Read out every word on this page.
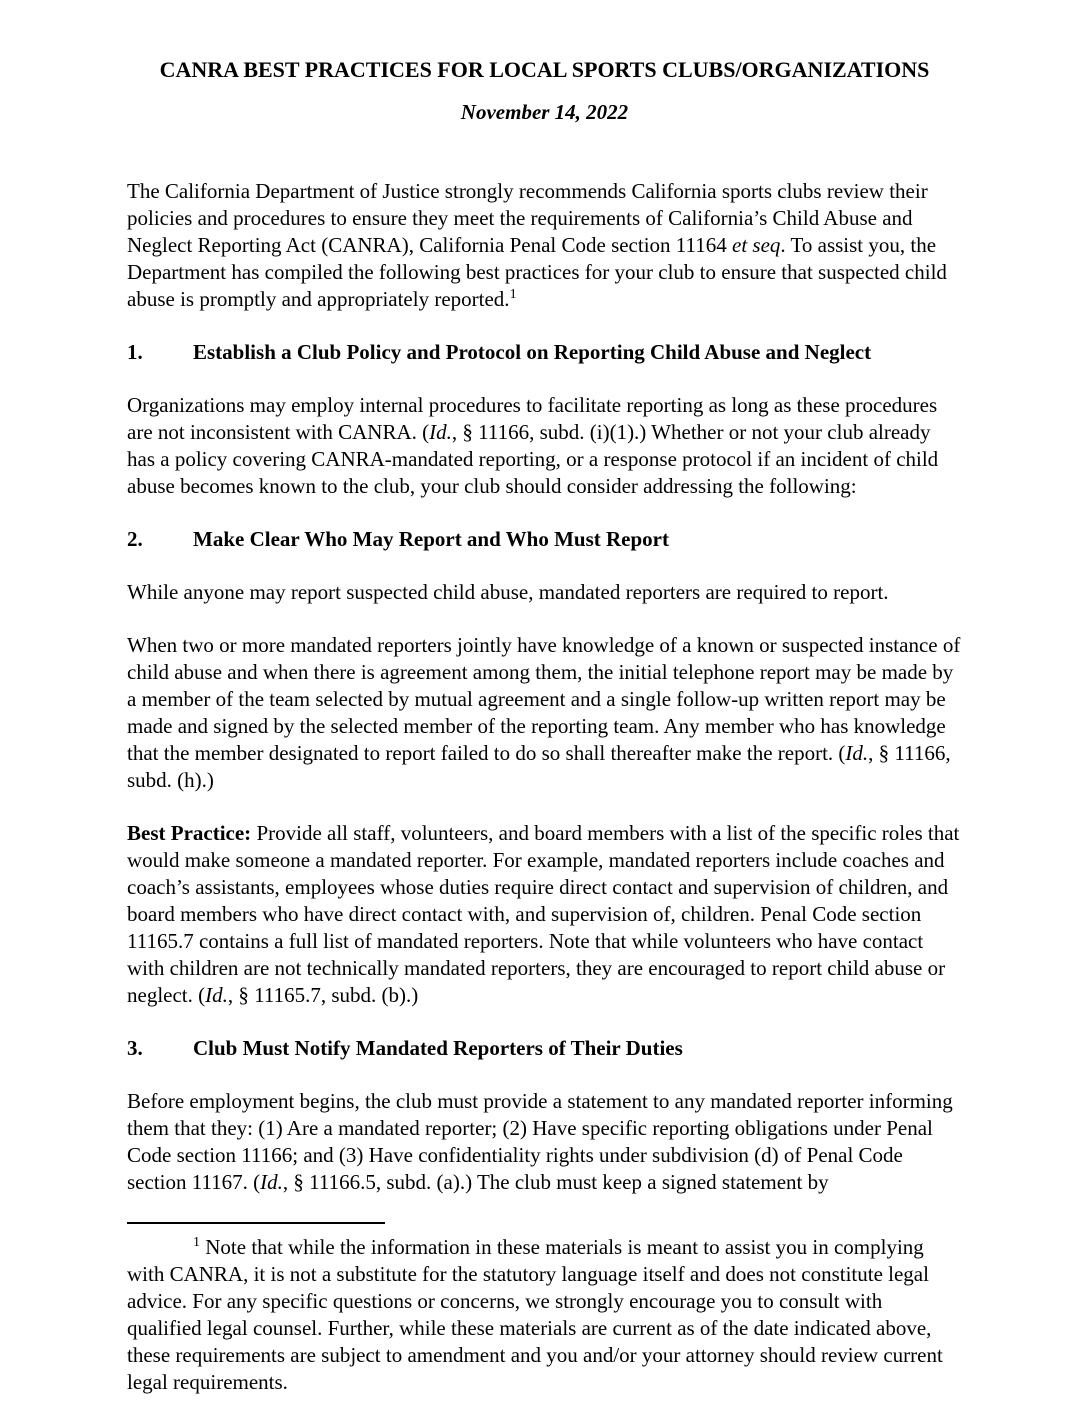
CANRA BEST PRACTICES FOR LOCAL SPORTS CLUBS/ORGANIZATIONS
November 14, 2022

The California Department of Justice strongly recommends California sports clubs review their policies and procedures to ensure they meet the requirements of California’s Child Abuse and Neglect Reporting Act (CANRA), California Penal Code section 11164 et seq. To assist you, the Department has compiled the following best practices for your club to ensure that suspected child abuse is promptly and appropriately reported.$^1$

1.	Establish a Club Policy and Protocol on Reporting Child Abuse and Neglect

Organizations may employ internal procedures to facilitate reporting as long as these procedures are not inconsistent with CANRA. (Id., § 11166, subd. (i)(1).) Whether or not your club already has a policy covering CANRA-mandated reporting, or a response protocol if an incident of child abuse becomes known to the club, your club should consider addressing the following:

2.	Make Clear Who May Report and Who Must Report

While anyone may report suspected child abuse, mandated reporters are required to report.

When two or more mandated reporters jointly have knowledge of a known or suspected instance of child abuse and when there is agreement among them, the initial telephone report may be made by a member of the team selected by mutual agreement and a single follow-up written report may be made and signed by the selected member of the reporting team. Any member who has knowledge that the member designated to report failed to do so shall thereafter make the report. (Id., § 11166, subd. (h).)

Best Practice: Provide all staff, volunteers, and board members with a list of the specific roles that would make someone a mandated reporter. For example, mandated reporters include coaches and coach’s assistants, employees whose duties require direct contact and supervision of children, and board members who have direct contact with, and supervision of, children. Penal Code section 11165.7 contains a full list of mandated reporters. Note that while volunteers who have contact with children are not technically mandated reporters, they are encouraged to report child abuse or neglect. (Id., § 11165.7, subd. (b).)

3.	Club Must Notify Mandated Reporters of Their Duties

Before employment begins, the club must provide a statement to any mandated reporter informing them that they: (1) Are a mandated reporter; (2) Have specific reporting obligations under Penal Code section 11166; and (3) Have confidentiality rights under subdivision (d) of Penal Code section 11167. (Id., § 11166.5, subd. (a).) The club must keep a signed statement by

$^1$ Note that while the information in these materials is meant to assist you in complying with CANRA, it is not a substitute for the statutory language itself and does not constitute legal advice. For any specific questions or concerns, we strongly encourage you to consult with qualified legal counsel. Further, while these materials are current as of the date indicated above, these requirements are subject to amendment and you and/or your attorney should review current legal requirements.
